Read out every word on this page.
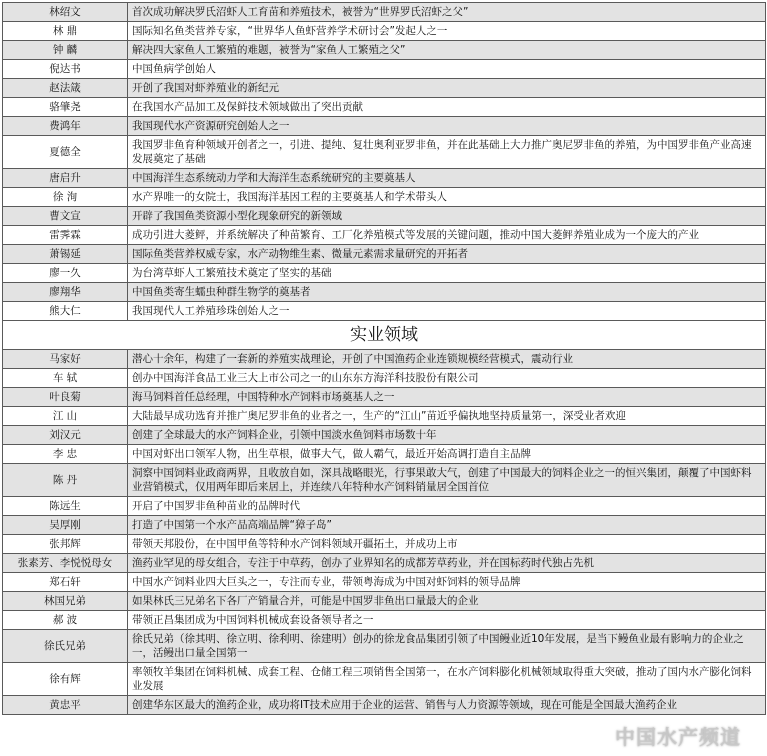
林绍文	首次成功解决罗氏沼虾人工育苗和养殖技术，被誉为“世界罗氏沼虾之父”
林 鼎	国际知名鱼类营养专家，“世界华人鱼虾营养学术研讨会”发起人之一
钟 麟	解决四大家鱼人工繁殖的难题，被誉为“家鱼人工繁殖之父”
倪达书	中国鱼病学创始人
赵法箴	开创了我国对虾养殖业的新纪元
骆肇尧	在我国水产品加工及保鲜技术领域做出了突出贡献
费鸿年	我国现代水产资源研究创始人之一
夏德全	我国罗非鱼育种领域开创者之一，引进、提纯、复壮奥利亚罗非鱼，并在此基础上大力推广奥尼罗非鱼的养殖，为中国罗非鱼产业高速发展奠定了基础
唐启升	中国海洋生态系统动力学和大海洋生态系统研究的主要奠基人
徐 洵	水产界唯一的女院士，我国海洋基因工程的主要奠基人和学术带头人
曹文宣	开辟了我国鱼类资源小型化现象研究的新领域
雷霁霖	成功引进大菱鲆，并系统解决了种苗繁育、工厂化养殖模式等发展的关键问题，推动中国大菱鲆养殖业成为一个庞大的产业
萧锡延	国际鱼类营养权威专家，水产动物维生素、微量元素需求量研究的开拓者
廖一久	为台湾草虾人工繁殖技术奠定了坚实的基础
廖翔华	中国鱼类寄生蠕虫种群生物学的奠基者
熊大仁	我国现代人工养殖珍珠创始人之一
实业领域	
马家好	潜心十余年，构建了一套新的养殖实战理论，开创了中国渔药企业连锁规模经营模式，震动行业
车 轼	创办中国海洋食品工业三大上市公司之一的山东东方海洋科技股份有限公司
叶良菊	海马饲料首任总经理，中国特种水产饲料市场奠基人之一
江 山	大陆最早成功选育并推广奥尼罗非鱼的业者之一，生产的“江山”苗近乎偏执地坚持质量第一，深受业者欢迎
刘汉元	创建了全球最大的水产饲料企业，引领中国淡水鱼饲料市场数十年
李 忠	中国对虾出口领军人物，出生草根，做事大气，做人霸气，最近开始高调打造自主品牌
陈 丹	洞察中国饲料业政商两界，且收放自如，深具战略眼光，行事果敢大气，创建了中国最大的饲料企业之一的恒兴集团，颠覆了中国虾料业营销模式，仅用两年即后来居上，并连续八年特种水产饲料销量居全国首位
陈远生	开启了中国罗非鱼种苗业的品牌时代
吴厚刚	打造了中国第一个水产品高端品牌“獐子岛”
张邦辉	带领天邦股份，在中国甲鱼等特种水产饲料领域开疆拓土，并成功上市
张素芳、李悦悦母女	渔药业罕见的母女组合，专注于中草药，创办了业界知名的成都芳草药业，并在国标药时代独占先机
郑石轩	中国水产饲料业四大巨头之一，专注而专业，带领粤海成为中国对虾饲料的领导品牌
林国兄弟	如果林氏三兄弟名下各厂产销量合并，可能是中国罗非鱼出口量最大的企业
郝 波	带领正昌集团成为中国饲料机械成套设备领导者之一
徐氏兄弟	徐氏兄弟（徐其明、徐立明、徐利明、徐建明）创办的徐龙食品集团引领了中国鳗业近10年发展，是当下鳗鱼业最有影响力的企业之一，活鳗出口量全国第一
徐有辉	率领牧羊集团在饲料机械、成套工程、仓储工程三项销售全国第一，在水产饲料膨化机械领域取得重大突破，推动了国内水产膨化饲料业发展
黄忠平	创建华东区最大的渔药企业，成功将IT技术应用于企业的运营、销售与人力资源等领域，现在可能是全国最大渔药企业
中国水产频道
